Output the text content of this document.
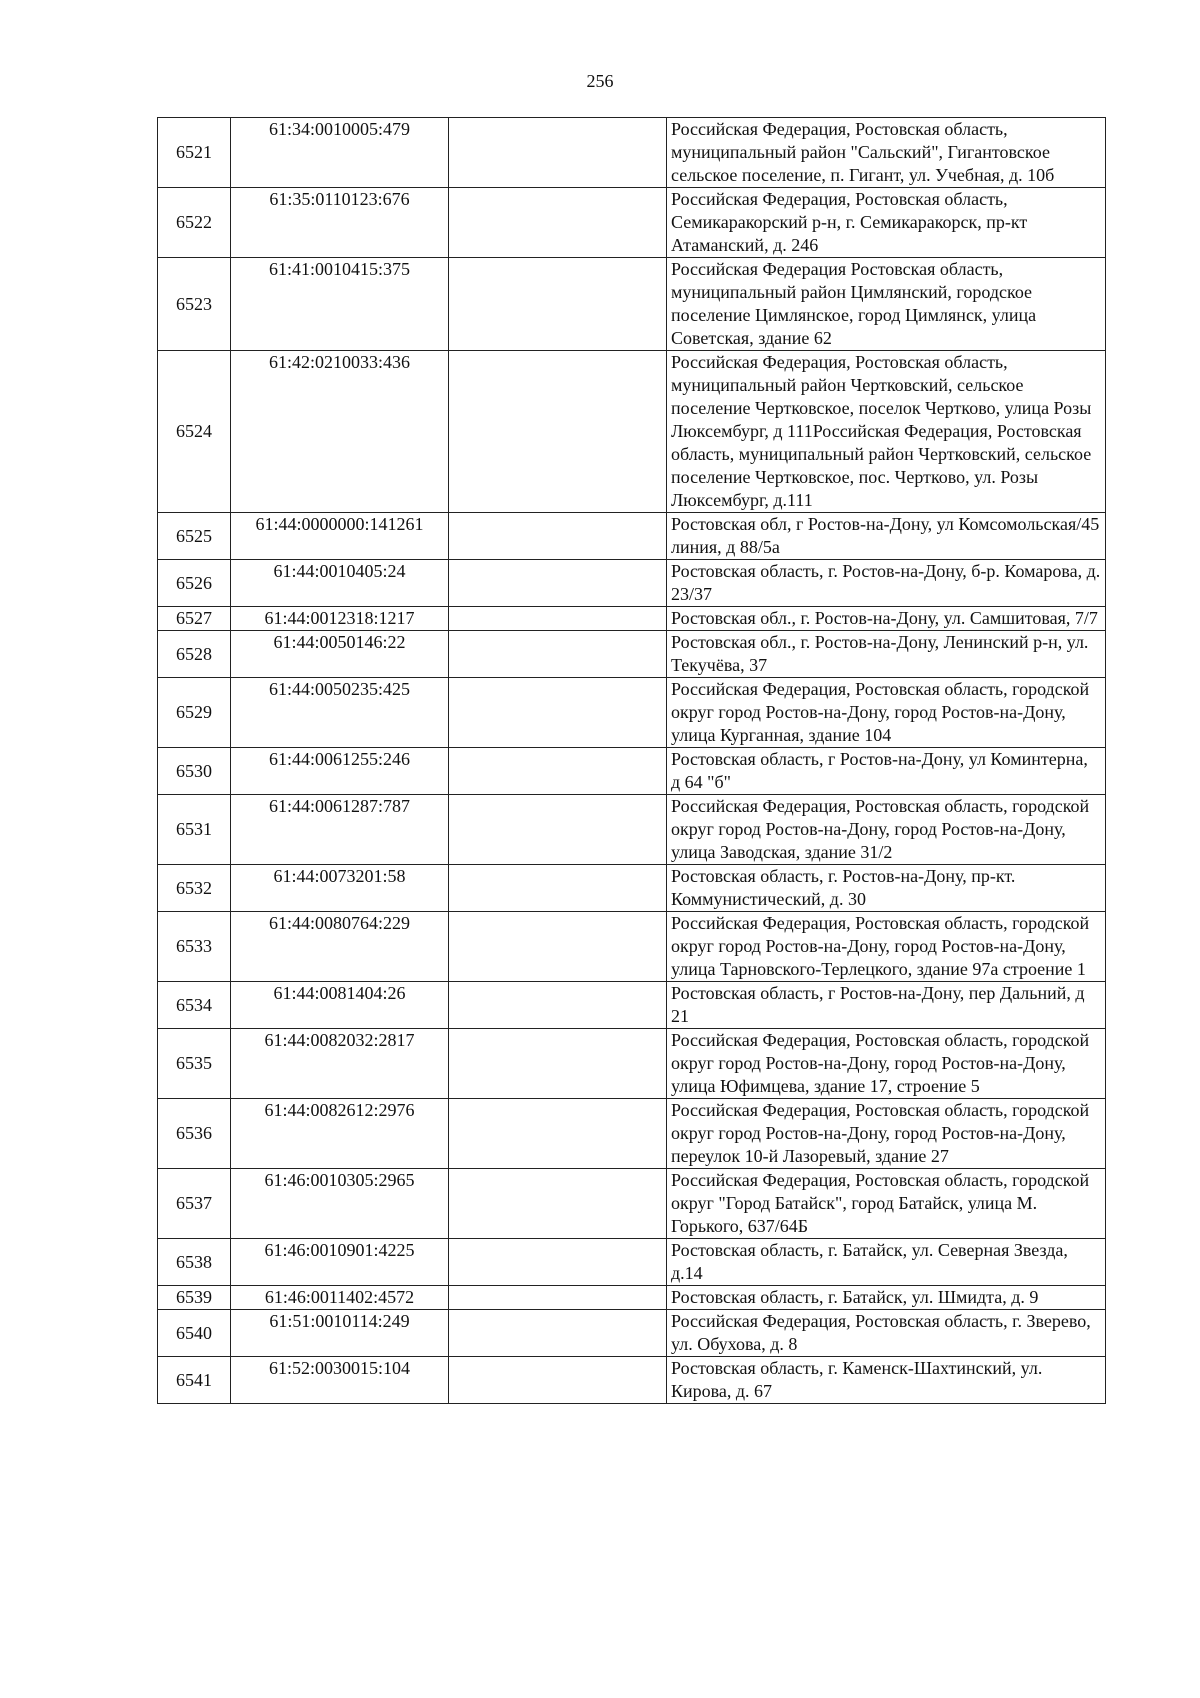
256
6521	61:34:0010005:479		Российская Федерация, Ростовская область, муниципальный район "Сальский", Гигантовское сельское поселение, п. Гигант, ул. Учебная, д. 10б
6522	61:35:0110123:676		Российская Федерация, Ростовская область, Семикаракорский р-н, г. Семикаракорск, пр-кт Атаманский, д. 246
6523	61:41:0010415:375		Российская Федерация Ростовская область, муниципальный район Цимлянский, городское поселение Цимлянское, город Цимлянск, улица Советская, здание 62
6524	61:42:0210033:436		Российская Федерация, Ростовская область, муниципальный район Чертковский, сельское поселение Чертковское, поселок Чертково, улица Розы Люксембург, д 111Российская Федерация, Ростовская область, муниципальный район Чертковский, сельское поселение Чертковское, пос. Чертково, ул. Розы Люксембург, д.111
6525	61:44:0000000:141261		Ростовская обл, г Ростов-на-Дону, ул Комсомольская/45 линия, д 88/5а
6526	61:44:0010405:24		Ростовская область, г. Ростов-на-Дону, б-р. Комарова, д. 23/37
6527	61:44:0012318:1217		Ростовская обл., г. Ростов-на-Дону, ул. Самшитовая, 7/7
6528	61:44:0050146:22		Ростовская обл., г. Ростов-на-Дону, Ленинский р-н, ул. Текучёва, 37
6529	61:44:0050235:425		Российская Федерация, Ростовская область, городской округ город Ростов-на-Дону, город Ростов-на-Дону, улица Курганная, здание 104
6530	61:44:0061255:246		Ростовская область, г Ростов-на-Дону, ул Коминтерна, д 64 "б"
6531	61:44:0061287:787		Российская Федерация, Ростовская область, городской округ город Ростов-на-Дону, город Ростов-на-Дону, улица Заводская, здание 31/2
6532	61:44:0073201:58		Ростовская область, г. Ростов-на-Дону, пр-кт. Коммунистический, д. 30
6533	61:44:0080764:229		Российская Федерация, Ростовская область, городской округ город Ростов-на-Дону, город Ростов-на-Дону, улица Тарновского-Терлецкого, здание 97а строение 1
6534	61:44:0081404:26		Ростовская область, г Ростов-на-Дону, пер Дальний, д 21
6535	61:44:0082032:2817		Российская Федерация, Ростовская область, городской округ город Ростов-на-Дону, город Ростов-на-Дону, улица Юфимцева, здание 17, строение 5
6536	61:44:0082612:2976		Российская Федерация, Ростовская область, городской округ город Ростов-на-Дону, город Ростов-на-Дону, переулок 10-й Лазоревый, здание 27
6537	61:46:0010305:2965		Российская Федерация, Ростовская область, городской округ "Город Батайск", город Батайск, улица М. Горького, 637/64Б
6538	61:46:0010901:4225		Ростовская область, г. Батайск, ул. Северная Звезда, д.14
6539	61:46:0011402:4572		Ростовская область, г. Батайск, ул. Шмидта, д. 9
6540	61:51:0010114:249		Российская Федерация, Ростовская область, г. Зверево, ул. Обухова, д. 8
6541	61:52:0030015:104		Ростовская область, г. Каменск-Шахтинский, ул. Кирова, д. 67
